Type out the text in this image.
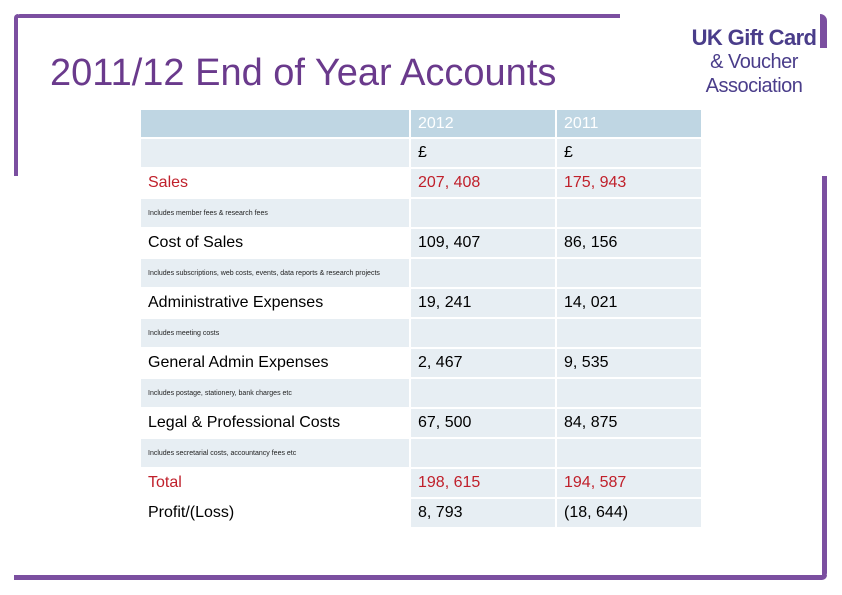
2011/12 End of Year Accounts
UK Gift Card
& Voucher
Association
	2012	2011
	£	£
Sales	207, 408	175, 943
Includes member fees & research fees		
Cost of Sales	109, 407	86, 156
Includes subscriptions, web costs, events, data reports & research projects		
Administrative Expenses	19, 241	14, 021
Includes meeting costs		
General Admin Expenses	2, 467	9, 535
Includes postage, stationery, bank charges etc		
Legal & Professional Costs	67, 500	84, 875
Includes secretarial costs, accountancy fees etc		
Total	198, 615	194, 587
Profit/(Loss)	8, 793	(18, 644)
